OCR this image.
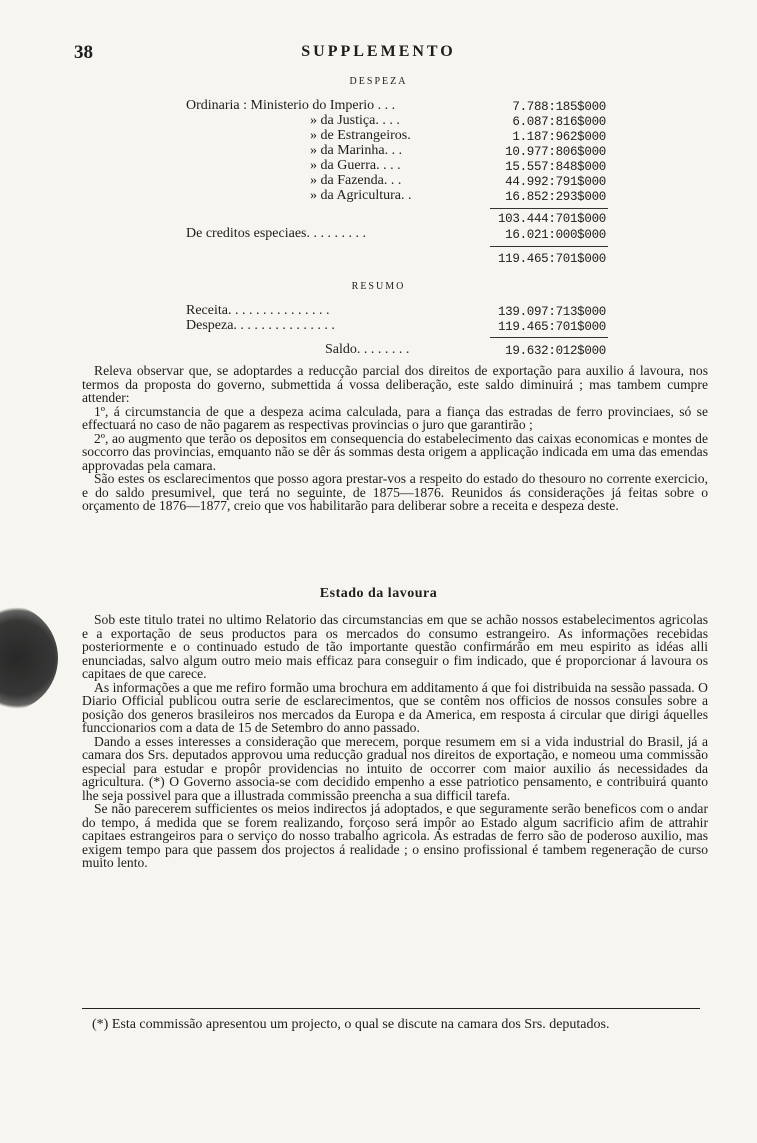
38	SUPPLEMENTO
DESPEZA
Ordinaria : Ministerio do Imperio . . .	7.788:185$000
» da Justiça. . . .	6.087:816$000
» de Estrangeiros.	1.187:962$000
» da Marinha. . .	10.977:806$000
» da Guerra. . . .	15.557:848$000
» da Fazenda. . .	44.992:791$000
» da Agricultura. .	16.852:293$000
103.444:701$000
De creditos especiaes. . . . . . . . .	16.021:000$000
119.465:701$000
RESUMO
Receita. . . . . . . . . . . . . . .	139.097:713$000
Despeza. . . . . . . . . . . . . . .	119.465:701$000
Saldo. . . . . . . .	19.632:012$000

Releva observar que, se adoptardes a reducção parcial dos direitos de exportação para auxilio á lavoura, nos termos da proposta do governo, submettida á vossa deliberação, este saldo diminuirá ; mas tambem cumpre attender:

1º, á circumstancia de que a despeza acima calculada, para a fiança das estradas de ferro provinciaes, só se effectuará no caso de não pagarem as respectivas provincias o juro que garantirão ;

2º, ao augmento que terão os depositos em consequencia do estabelecimento das caixas economicas e montes de soccorro das provincias, emquanto não se dêr ás sommas desta origem a applicação indicada em uma das emendas approvadas pela camara.

São estes os esclarecimentos que posso agora prestar-vos a respeito do estado do thesouro no corrente exercicio, e do saldo presumivel, que terá no seguinte, de 1875—1876. Reunidos ás considerações já feitas sobre o orçamento de 1876—1877, creio que vos habilitarão para deliberar sobre a receita e despeza deste.

Estado da lavoura

Sob este titulo tratei no ultimo Relatorio das circumstancias em que se achão nossos estabelecimentos agricolas e a exportação de seus productos para os mercados do consumo estrangeiro. As informações recebidas posteriormente e o continuado estudo de tão importante questão confirmárão em meu espirito as idéas alli enunciadas, salvo algum outro meio mais efficaz para conseguir o fim indicado, que é proporcionar á lavoura os capitaes de que carece.

As informações a que me refiro formão uma brochura em additamento á que foi distribuida na sessão passada. O Diario Official publicou outra serie de esclarecimentos, que se contêm nos officios de nossos consules sobre a posição dos generos brasileiros nos mercados da Europa e da America, em resposta á circular que dirigi áquelles funccionarios com a data de 15 de Setembro do anno passado.

Dando a esses interesses a consideração que merecem, porque resumem em si a vida industrial do Brasil, já a camara dos Srs. deputados approvou uma reducção gradual nos direitos de exportação, e nomeou uma commissão especial para estudar e propôr providencias no intuito de occorrer com maior auxilio ás necessidades da agricultura. (*) O Governo associa-se com decidido empenho a esse patriotico pensamento, e contribuirá quanto lhe seja possivel para que a illustrada commissão preencha a sua difficil tarefa.

Se não parecerem sufficientes os meios indirectos já adoptados, e que seguramente serão beneficos com o andar do tempo, á medida que se forem realizando, forçoso será impôr ao Estado algum sacrificio afim de attrahir capitaes estrangeiros para o serviço do nosso trabalho agricola. As estradas de ferro são de poderoso auxilio, mas exigem tempo para que passem dos projectos á realidade ; o ensino profissional é tambem regeneração de curso muito lento.

(*) Esta commissão apresentou um projecto, o qual se discute na camara dos Srs. deputados.
